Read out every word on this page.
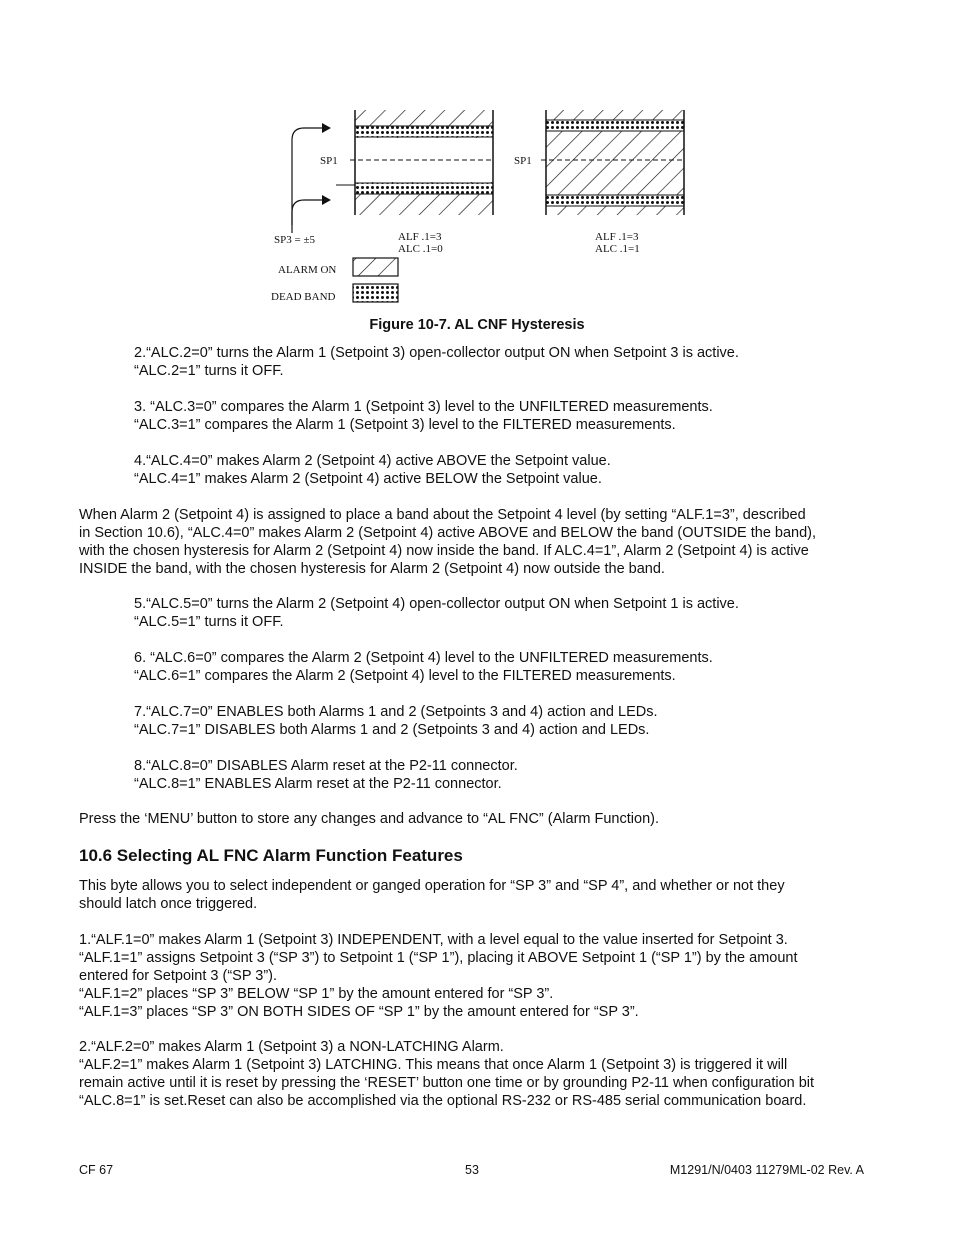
SP1	SP1
SP3 = ±5	ALF .1=3
ALC .1=0
ALF .1=3
ALC .1=1
ALARM ON
DEAD BAND
Figure 10-7. AL CNF Hysteresis
2.“ALC.2=0” turns the Alarm 1 (Setpoint 3) open-collector output ON when Setpoint 3 is active.
“ALC.2=1” turns it OFF.
3. “ALC.3=0” compares the Alarm 1 (Setpoint 3) level to the UNFILTERED measurements.
“ALC.3=1” compares the Alarm 1 (Setpoint 3) level to the FILTERED measurements.
4.“ALC.4=0” makes Alarm 2 (Setpoint 4) active ABOVE the Setpoint value.
“ALC.4=1” makes Alarm 2 (Setpoint 4) active BELOW the Setpoint value.
When Alarm 2 (Setpoint 4) is assigned to place a band about the Setpoint 4 level (by setting “ALF.1=3”, described
in Section 10.6), “ALC.4=0” makes Alarm 2 (Setpoint 4) active ABOVE and BELOW the band (OUTSIDE the band),
with the chosen hysteresis for Alarm 2 (Setpoint 4) now inside the band. If ALC.4=1”, Alarm 2 (Setpoint 4) is active
INSIDE the band, with the chosen hysteresis for Alarm 2 (Setpoint 4) now outside the band.
5.“ALC.5=0” turns the Alarm 2 (Setpoint 4) open-collector output ON when Setpoint 1 is active.
“ALC.5=1” turns it OFF.
6. “ALC.6=0” compares the Alarm 2 (Setpoint 4) level to the UNFILTERED measurements.
“ALC.6=1” compares the Alarm 2 (Setpoint 4) level to the FILTERED measurements.
7.“ALC.7=0” ENABLES both Alarms 1 and 2 (Setpoints 3 and 4) action and LEDs.
“ALC.7=1” DISABLES both Alarms 1 and 2 (Setpoints 3 and 4) action and LEDs.
8.“ALC.8=0” DISABLES Alarm reset at the P2-11 connector.
“ALC.8=1” ENABLES Alarm reset at the P2-11 connector.
Press the ‘MENU’ button to store any changes and advance to “AL FNC” (Alarm Function).
10.6 Selecting AL FNC Alarm Function Features
This byte allows you to select independent or ganged operation for “SP 3” and “SP 4”, and whether or not they
should latch once triggered.
1.“ALF.1=0” makes Alarm 1 (Setpoint 3) INDEPENDENT, with a level equal to the value inserted for Setpoint 3.
“ALF.1=1” assigns Setpoint 3 (“SP 3”) to Setpoint 1 (“SP 1”), placing it ABOVE Setpoint 1 (“SP 1”) by the amount
entered for Setpoint 3 (“SP 3”).
“ALF.1=2” places “SP 3” BELOW “SP 1” by the amount entered for “SP 3”.
“ALF.1=3” places “SP 3” ON BOTH SIDES OF “SP 1” by the amount entered for “SP 3”.
2.“ALF.2=0” makes Alarm 1 (Setpoint 3) a NON-LATCHING Alarm.
“ALF.2=1” makes Alarm 1 (Setpoint 3) LATCHING. This means that once Alarm 1 (Setpoint 3) is triggered it will
remain active until it is reset by pressing the ‘RESET’ button one time or by grounding P2-11 when configuration bit
“ALC.8=1” is set.Reset can also be accomplished via the optional RS-232 or RS-485 serial communication board.
CF 67	53	M1291/N/0403 11279ML-02 Rev. A
